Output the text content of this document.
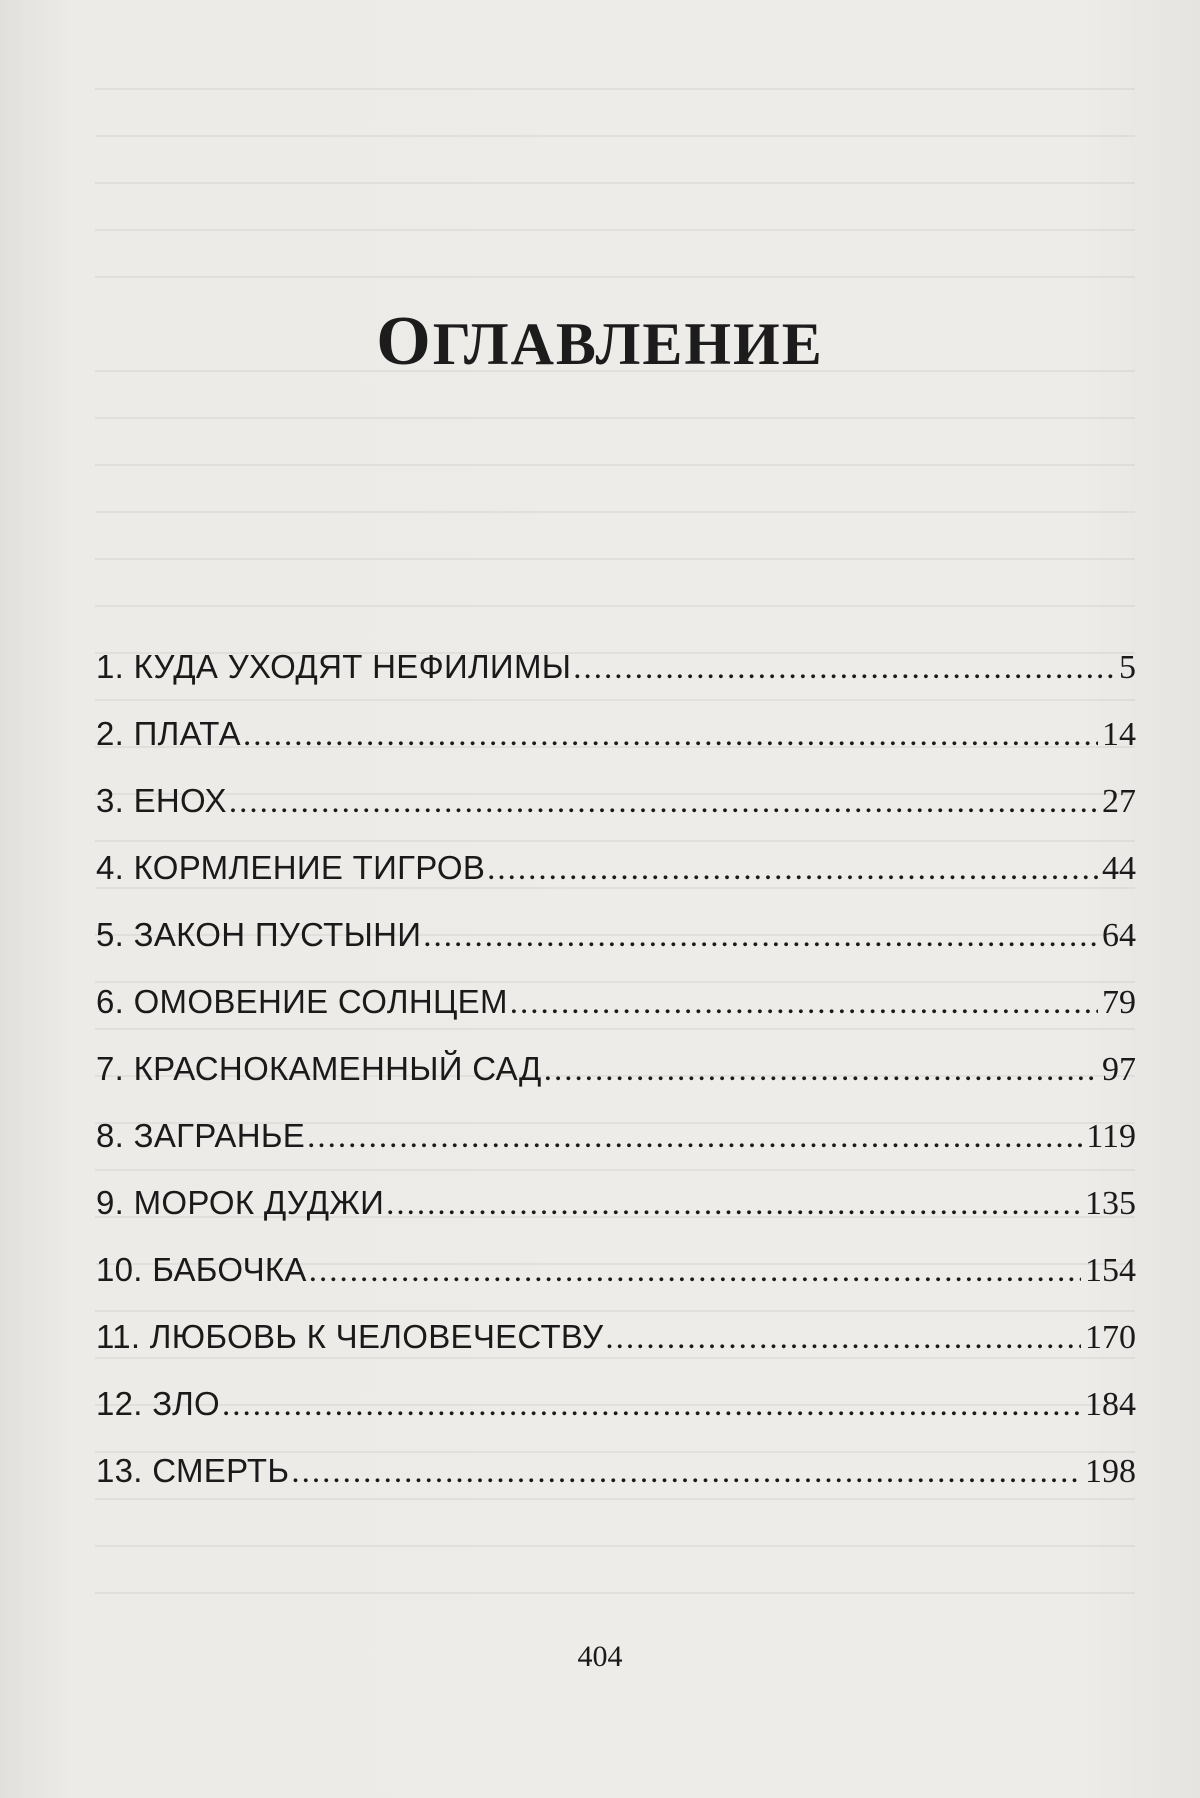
ОГЛАВЛЕНИЕ
1. КУДА УХОДЯТ НЕФИЛИМЫ .....	5
2. ПЛАТА .....	14
3. ЕНОХ .....	27
4. КОРМЛЕНИЕ ТИГРОВ .....	44
5. ЗАКОН ПУСТЫНИ .....	64
6. ОМОВЕНИЕ СОЛНЦЕМ .....	79
7. КРАСНОКАМЕННЫЙ САД .....	97
8. ЗАГРАНЬЕ .....	119
9. МОРОК ДУДЖИ .....	135
10. БАБОЧКА .....	154
11. ЛЮБОВЬ К ЧЕЛОВЕЧЕСТВУ .....	170
12. ЗЛО .....	184
13. СМЕРТЬ .....	198
404
